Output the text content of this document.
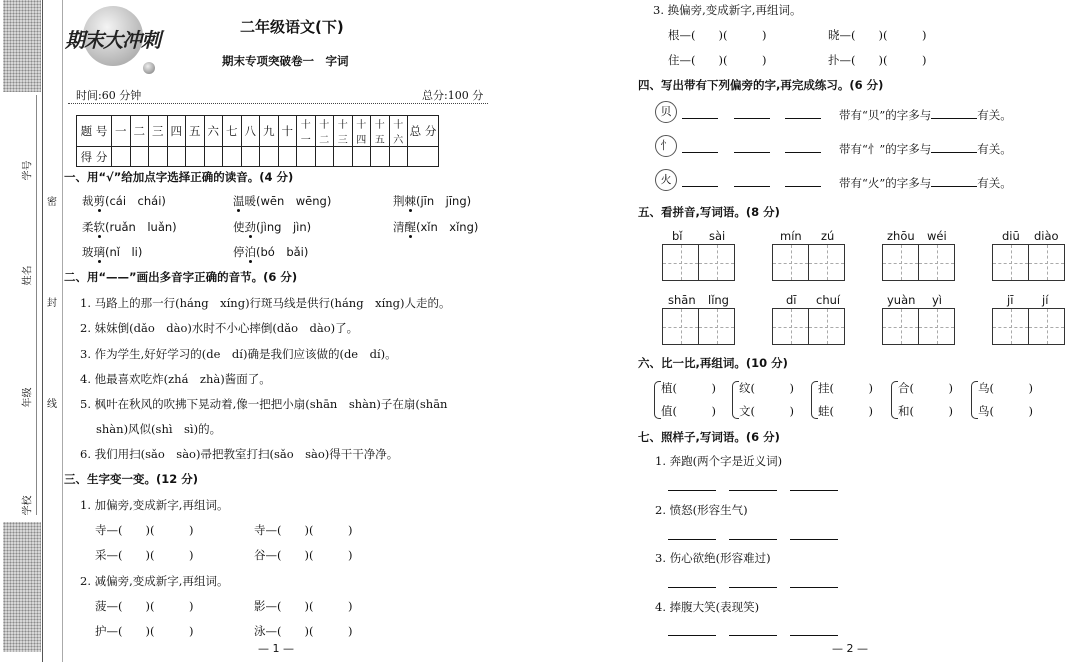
学号
姓名
年级
学校
密
封
线
期末大冲刺
二年级语文(下)
期末专项突破卷一　字词
时间:60 分钟	总分:100 分
题 号	一	二	三	四	五	六	七	八	九	十	十一	十二	十三	十四	十五	十六	总 分
得 分																	
一、用“√”给加点字选择正确的读音。(4 分)
裁剪(cái　chái)	温暖(wēn　wēng)	荆棘(jīn　jīng)
柔软(ruǎn　luǎn)	使劲(jìng　jìn)	清醒(xǐn　xǐng)
玻璃(nǐ　li)	停泊(bó　bǎi)
二、用“——”画出多音字正确的音节。(6 分)
1. 马路上的那一行(háng　xíng)行斑马线是供行(háng　xíng)人走的。
2. 妹妹倒(dǎo　dào)水时不小心摔倒(dǎo　dào)了。
3. 作为学生,好好学习的(de　dí)确是我们应该做的(de　dí)。
4. 他最喜欢吃炸(zhá　zhà)酱面了。
5. 枫叶在秋风的吹拂下晃动着,像一把把小扇(shān　shàn)子在扇(shān
shàn)风似(shì　sì)的。
6. 我们用扫(sǎo　sào)帚把教室打扫(sǎo　sào)得干干净净。
三、生字变一变。(12 分)
1. 加偏旁,变成新字,再组词。
寺—(　　)(　　　)	寺—(　　)(　　　)
采—(　　)(　　　)	谷—(　　)(　　　)
2. 减偏旁,变成新字,再组词。
菠—(　　)(　　　)	影—(　　)(　　　)
护—(　　)(　　　)	泳—(　　)(　　　)
— 1 —
3. 换偏旁,变成新字,再组词。
根—(　　)(　　　)	晓—(　　)(　　　)
住—(　　)(　　　)	扑—(　　)(　　　)
四、写出带有下列偏旁的字,再完成练习。(6 分)
贝	带有“贝”的字多与	有关。
忄	带有“忄”的字多与	有关。
火	带有“火”的字多与	有关。
五、看拼音,写词语。(8 分)
bǐ sài	mín zú	zhōu wéi	diū diào
shān lǐng	dī chuí	yuàn yì	jī jí
六、比一比,再组词。(10 分)
植(　　　)
值(　　　)
纹(　　　)
文(　　　)
挂(　　　)
蛙(　　　)
合(　　　)
和(　　　)
乌(　　　)
鸟(　　　)
七、照样子,写词语。(6 分)
1. 奔跑(两个字是近义词)
2. 愤怒(形容生气)
3. 伤心欲绝(形容难过)
4. 捧腹大笑(表现笑)
— 2 —
